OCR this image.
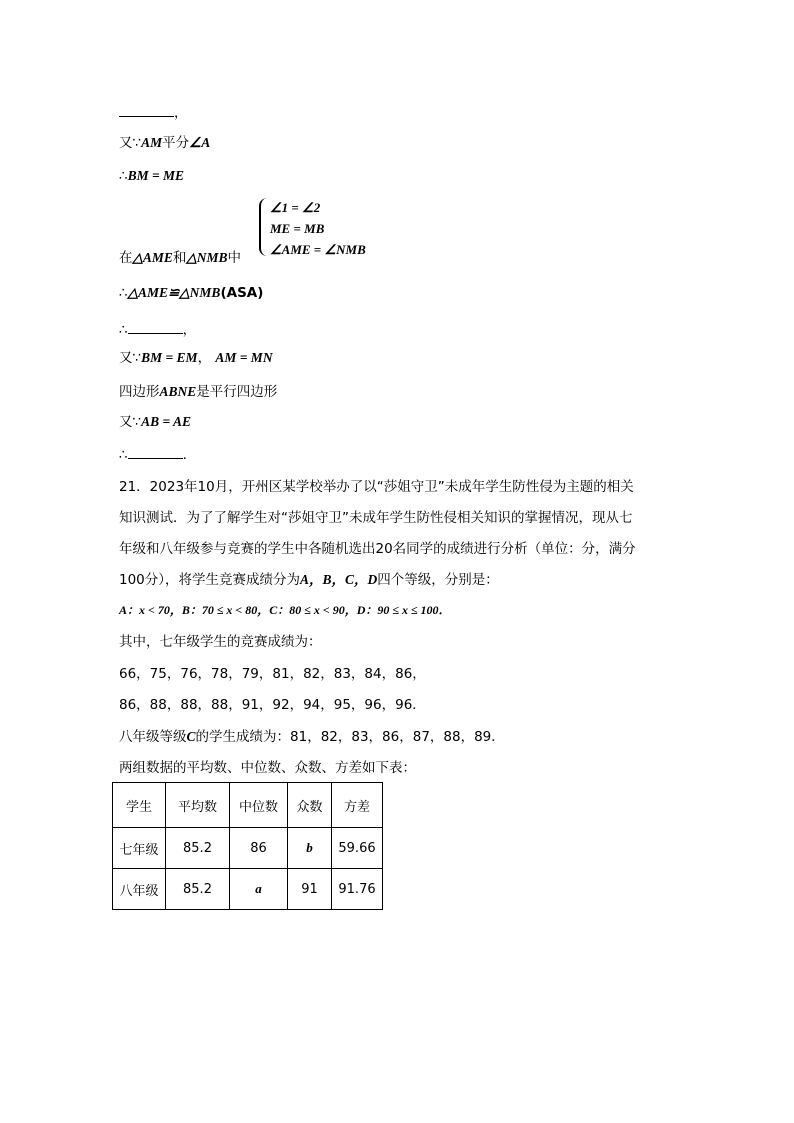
，
又∵AM平分∠A
∴BM = ME
∠1 = ∠2
ME = MB
∠AME = ∠NMB
在△AME和△NMB中
∴△AME≌△NMB(ASA)
∴	，
又∵BM = EM， AM = MN
四边形ABNE是平行四边形
又∵AB = AE
∴	.
21．2023年10月，开州区某学校举办了以“莎姐守卫”未成年学生防性侵为主题的相关
知识测试．为了了解学生对“莎姐守卫”未成年学生防性侵相关知识的掌握情况，现从七
年级和八年级参与竞赛的学生中各随机选出20名同学的成绩进行分析（单位：分，满分
100分），将学生竞赛成绩分为A，B，C，D四个等级，分别是：
A：x < 70，B：70 ≤ x < 80，C：80 ≤ x < 90，D：90 ≤ x ≤ 100．
其中，七年级学生的竞赛成绩为：
66，75，76，78，79，81，82，83，84，86，
86，88，88，88，91，92，94，95，96，96．
八年级等级C的学生成绩为：81，82，83，86，87，88，89．
两组数据的平均数、中位数、众数、方差如下表：
学生	平均数	中位数	众数	方差
七年级	85.2	86	b	59.66
八年级	85.2	a	91	91.76
